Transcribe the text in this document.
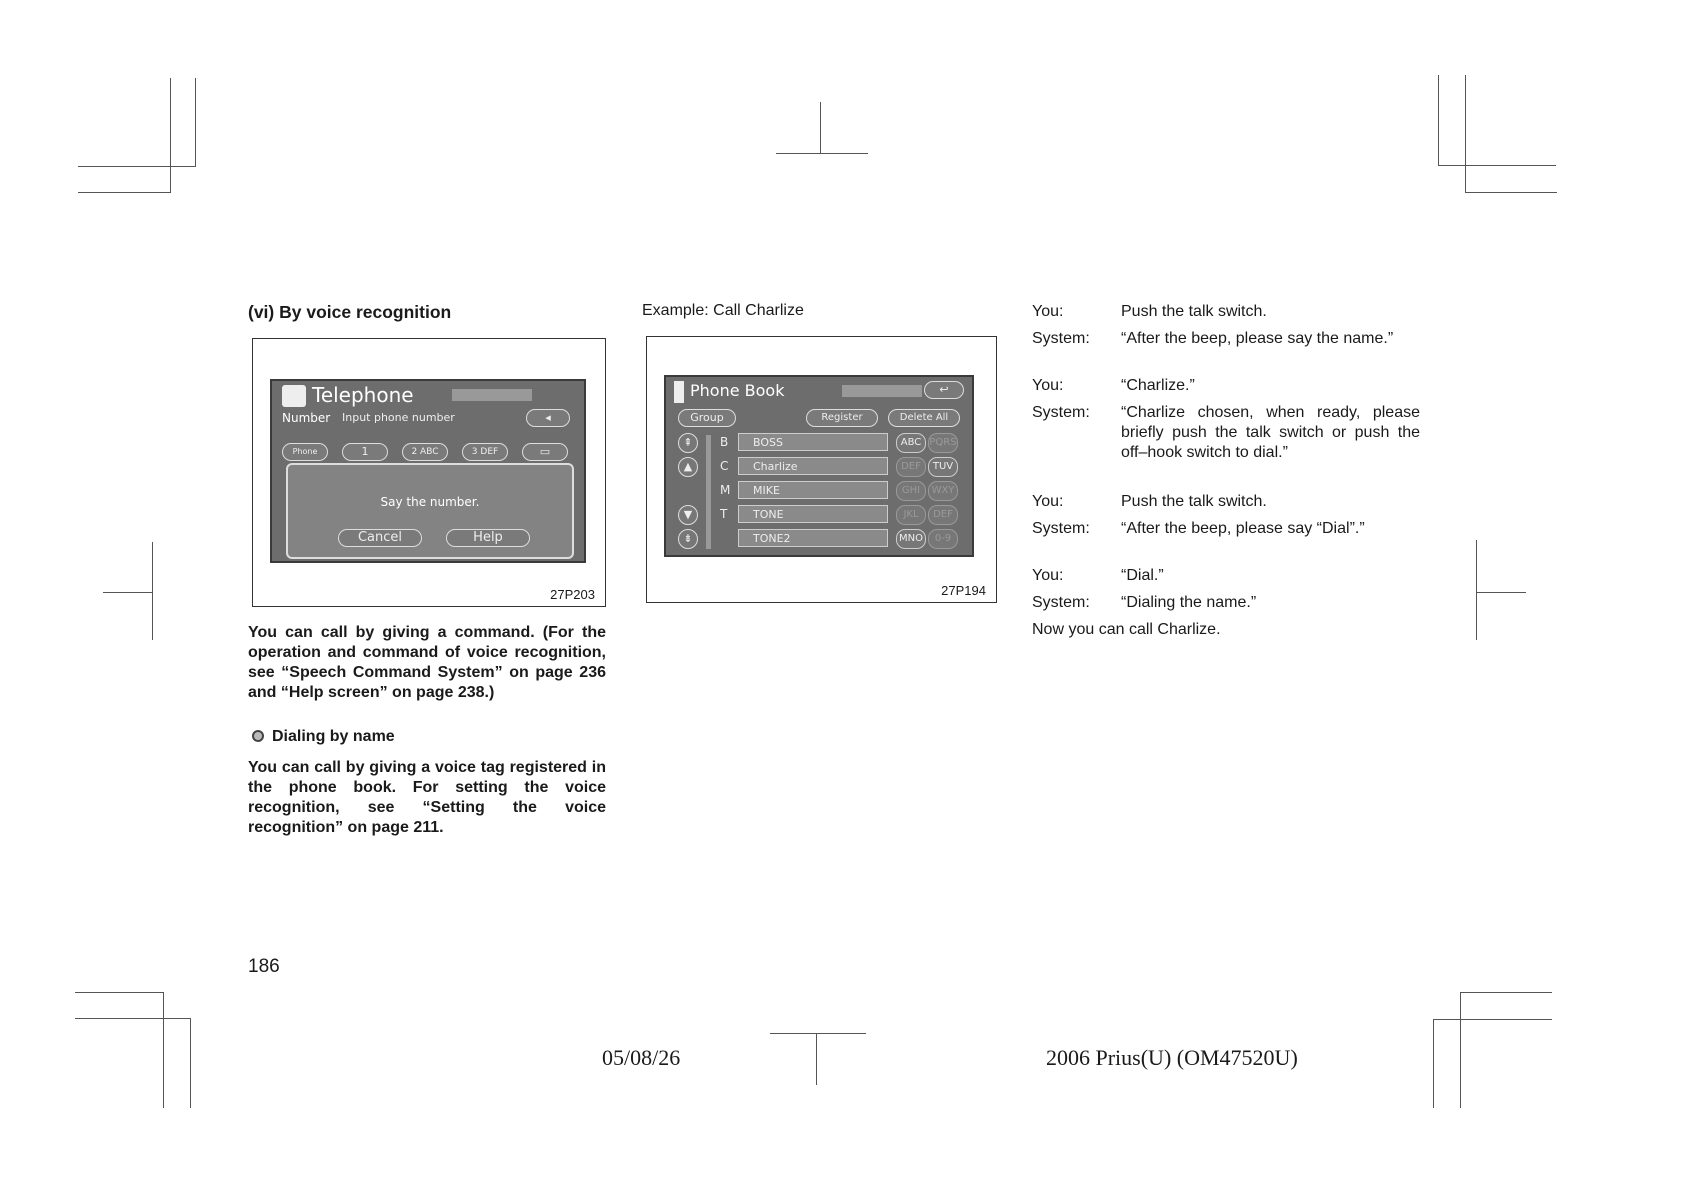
(vi) By voice recognition
Telephone
Number Input phone number	◂
Phone	1	2 ABC	3 DEF	▭
Say the number.
Cancel	Help
27P203
You can call by giving a command. (For the operation and command of voice recognition, see “Speech Command System” on page 236 and “Help screen” on page 238.)
Dialing by name
You can call by giving a voice tag registered in the phone book. For setting the voice recognition, see “Setting the voice recognition” on page 211.
Example: Call Charlize
Phone Book	↩
Group	Register	Delete All
⇞
▲
▼
⇟
B	BOSS
C	Charlize
M	MIKE
T	TONE
TONE2
ABC PQRS
DEF	TUV
GHI	WXY
JKL	DEF
MNO	0-9
27P194
You:	Push the talk switch.
System: “After the beep, please say the name.”
You:	“Charlize.”
System: “Charlize chosen, when ready, please briefly push the talk switch or push the off–hook switch to dial.”
You:	Push the talk switch.
System: “After the beep, please say “Dial”.”
You:	“Dial.”
System: “Dialing the name.”
Now you can call Charlize.
186
05/08/26	2006 Prius(U) (OM47520U)
